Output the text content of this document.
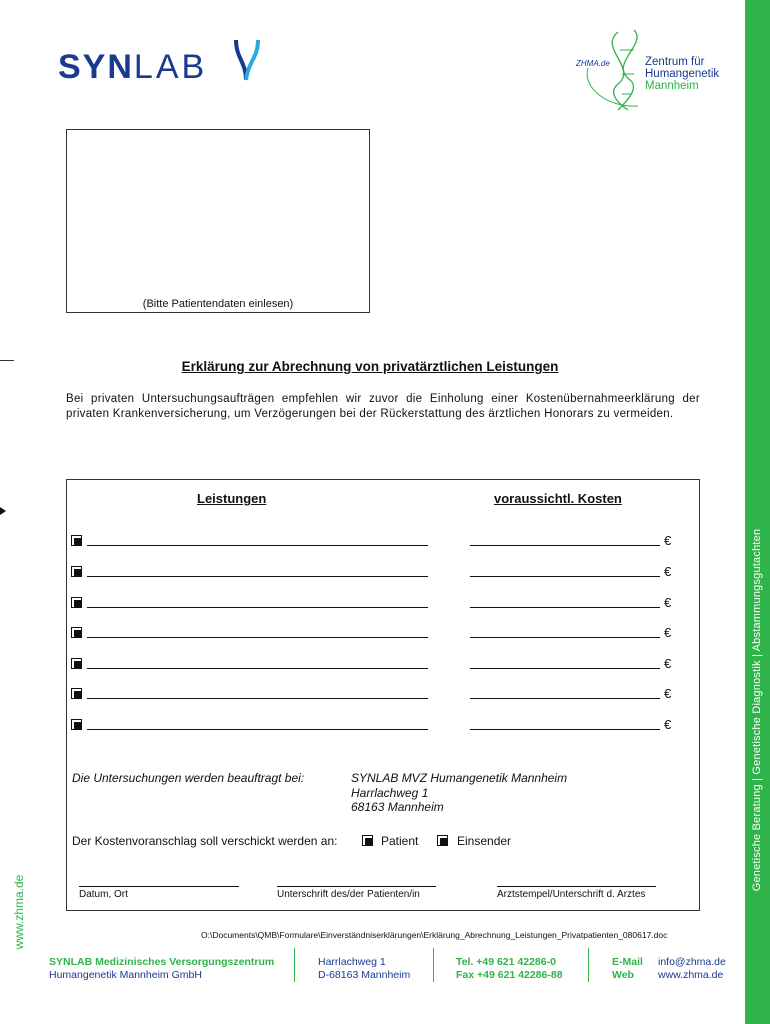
Genetische Beratung | Genetische Diagnostik | Abstammungsgutachten
www.zhma.de
SYNLAB	ZHMA.de	Zentrum für
Humangenetik
Mannheim
(Bitte Patientendaten einlesen)
Erklärung zur Abrechnung von privatärztlichen Leistungen
Bei privaten Untersuchungsaufträgen empfehlen wir zuvor die Einholung einer Kostenübernahmeerklärung der privaten Krankenversicherung, um Verzögerungen bei der Rückerstattung des ärztlichen Honorars zu vermeiden.
Leistungen	voraussichtl. Kosten
€
€
€
€
€
€
€
Die Untersuchungen werden beauftragt bei:	SYNLAB MVZ Humangenetik Mannheim
Harrlachweg 1
68163 Mannheim
Der Kostenvoranschlag soll verschickt werden an:	Patient	Einsender
Datum, Ort	Unterschrift des/der Patienten/in	Arztstempel/Unterschrift d. Arztes
O:\Documents\QMB\Formulare\Einverständniserklärungen\Erklärung_Abrechnung_Leistungen_Privatpatienten_080617.doc
SYNLAB Medizinisches Versorgungszentrum
Humangenetik Mannheim GmbH
Harrlachweg 1
D-68163 Mannheim
Tel. +49 621 42286-0
Fax +49 621 42286-88
E-Mail
Web
info@zhma.de
www.zhma.de
